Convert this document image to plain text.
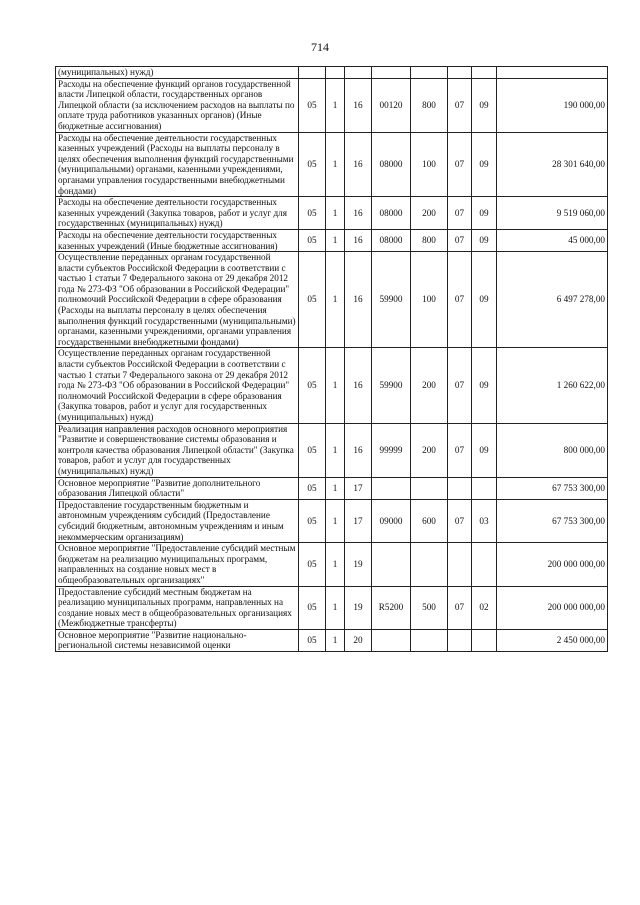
714
(муниципальных) нужд)								
Расходы на обеспечение функций органов государственной власти Липецкой области, государственных органов Липецкой области (за исключением расходов на выплаты по оплате труда работников указанных органов) (Иные бюджетные ассигнования)	05	1	16	00120	800	07	09	190 000,00
Расходы на обеспечение деятельности государственных казенных учреждений (Расходы на выплаты персоналу в целях обеспечения выполнения функций государственными (муниципальными) органами, казенными учреждениями, органами управления государственными внебюджетными фондами)	05	1	16	08000	100	07	09	28 301 640,00
Расходы на обеспечение деятельности государственных казенных учреждений (Закупка товаров, работ и услуг для государственных (муниципальных) нужд)	05	1	16	08000	200	07	09	9 519 060,00
Расходы на обеспечение деятельности государственных казенных учреждений (Иные бюджетные ассигнования)	05	1	16	08000	800	07	09	45 000,00
Осуществление переданных органам государственной власти субъектов Российской Федерации в соответствии с частью 1 статьи 7 Федерального закона от 29 декабря 2012 года № 273-ФЗ "Об образовании в Российской Федерации" полномочий Российской Федерации в сфере образования (Расходы на выплаты персоналу в целях обеспечения выполнения функций государственными (муниципальными) органами, казенными учреждениями, органами управления государственными внебюджетными фондами)	05	1	16	59900	100	07	09	6 497 278,00
Осуществление переданных органам государственной власти субъектов Российской Федерации в соответствии с частью 1 статьи 7 Федерального закона от 29 декабря 2012 года № 273-ФЗ "Об образовании в Российской Федерации" полномочий Российской Федерации в сфере образования (Закупка товаров, работ и услуг для государственных (муниципальных) нужд)	05	1	16	59900	200	07	09	1 260 622,00
Реализация направления расходов основного мероприятия "Развитие и совершенствование системы образования и контроля качества образования Липецкой области" (Закупка товаров, работ и услуг для государственных (муниципальных) нужд)	05	1	16	99999	200	07	09	800 000,00
Основное мероприятие "Развитие дополнительного образования Липецкой области"	05	1	17					67 753 300,00
Предоставление государственным бюджетным и автономным учреждениям субсидий (Предоставление субсидий бюджетным, автономным учреждениям и иным некоммерческим организациям)	05	1	17	09000	600	07	03	67 753 300,00
Основное мероприятие "Предоставление субсидий местным бюджетам на реализацию муниципальных программ, направленных на создание новых мест в общеобразовательных организациях"	05	1	19					200 000 000,00
Предоставление субсидий местным бюджетам на реализацию муниципальных программ, направленных на создание новых мест в общеобразовательных организациях (Межбюджетные трансферты)	05	1	19	R5200	500	07	02	200 000 000,00
Основное мероприятие "Развитие национально-региональной системы независимой оценки	05	1	20					2 450 000,00
